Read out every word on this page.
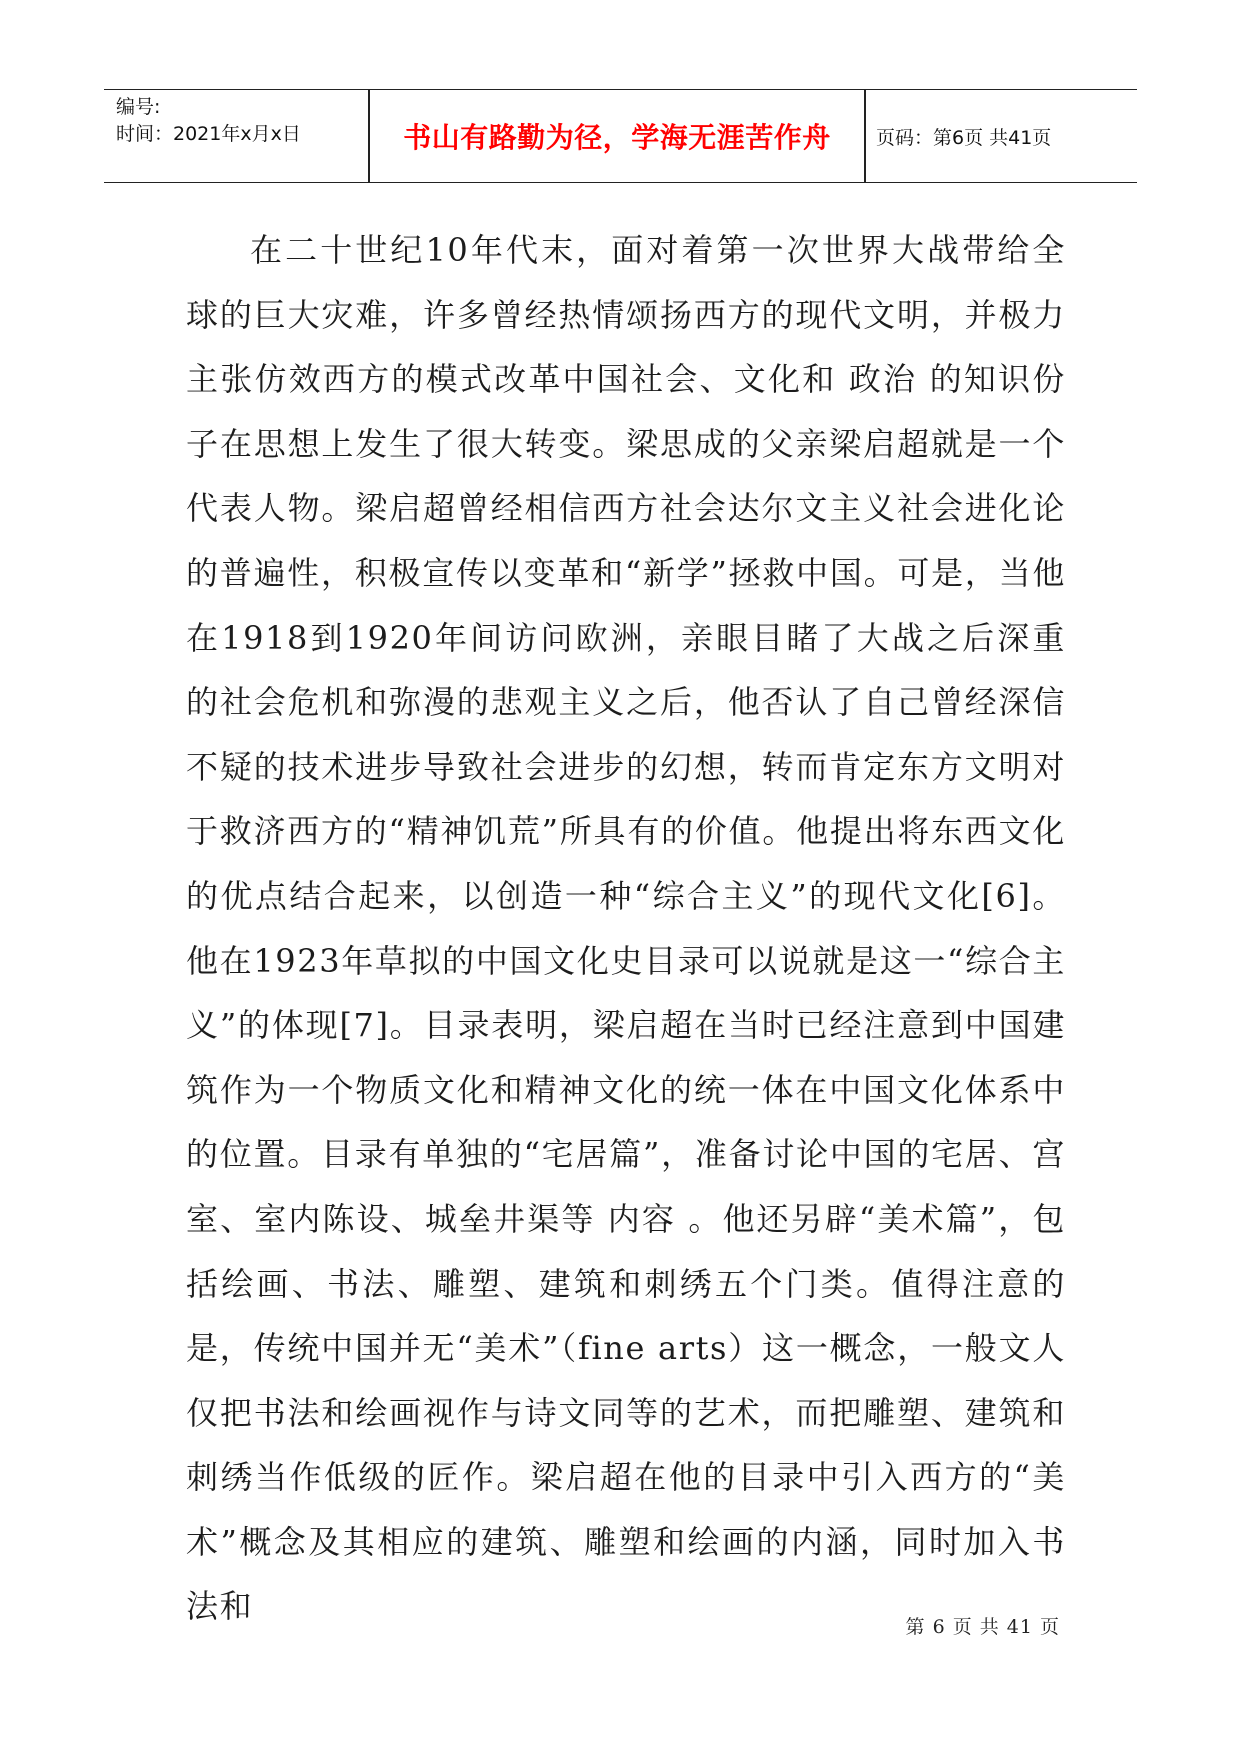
编号:
时间：2021年x月x日	书山有路勤为径，学海无涯苦作舟	页码：第6页 共41页

在二十世纪10年代末，面对着第一次世界大战带给全球的巨大灾难，许多曾经热情颂扬西方的现代文明，并极力主张仿效西方的模式改革中国社会、文化和 政治 的知识份子在思想上发生了很大转变。梁思成的父亲梁启超就是一个代表人物。梁启超曾经相信西方社会达尔文主义社会进化论的普遍性，积极宣传以变革和“新学”拯救中国。可是，当他在1918到1920年间访问欧洲，亲眼目睹了大战之后深重的社会危机和弥漫的悲观主义之后，他否认了自己曾经深信不疑的技术进步导致社会进步的幻想，转而肯定东方文明对于救济西方的“精神饥荒”所具有的价值。他提出将东西文化的优点结合起来，以创造一种“综合主义”的现代文化[6]。他在1923年草拟的中国文化史目录可以说就是这一“综合主义”的体现[7]。目录表明，梁启超在当时已经注意到中国建筑作为一个物质文化和精神文化的统一体在中国文化体系中的位置。目录有单独的“宅居篇”，准备讨论中国的宅居、宫室、室内陈设、城垒井渠等 内容 。他还另辟“美术篇”，包括绘画、书法、雕塑、建筑和刺绣五个门类。值得注意的是，传统中国并无“美术”（fine arts）这一概念，一般文人仅把书法和绘画视作与诗文同等的艺术，而把雕塑、建筑和刺绣当作低级的匠作。梁启超在他的目录中引入西方的“美术”概念及其相应的建筑、雕塑和绘画的内涵，同时加入书法和

第 6 页 共 41 页
